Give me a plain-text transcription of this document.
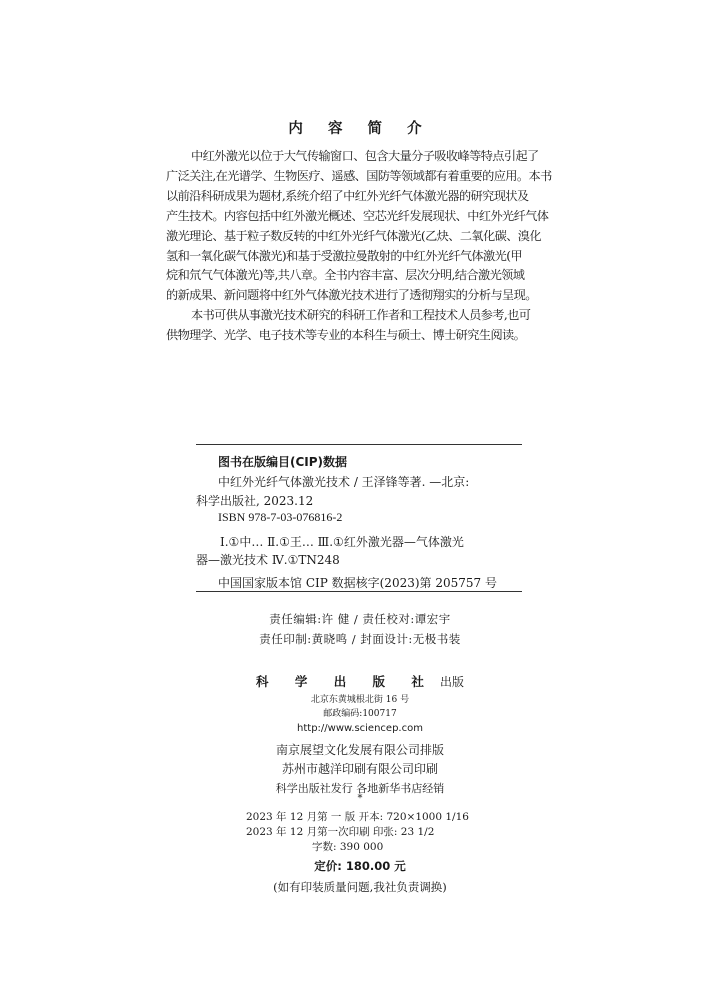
内 容 简 介
中红外激光以位于大气传输窗口、包含大量分子吸收峰等特点引起了
广泛关注,在光谱学、生物医疗、遥感、国防等领域都有着重要的应用。本书
以前沿科研成果为题材,系统介绍了中红外光纤气体激光器的研究现状及
产生技术。内容包括中红外激光概述、空芯光纤发展现状、中红外光纤气体
激光理论、基于粒子数反转的中红外光纤气体激光(乙炔、二氧化碳、溴化
氢和一氧化碳气体激光)和基于受激拉曼散射的中红外光纤气体激光(甲
烷和氘气气体激光)等,共八章。全书内容丰富、层次分明,结合激光领域
的新成果、新问题将中红外气体激光技术进行了透彻翔实的分析与呈现。
本书可供从事激光技术研究的科研工作者和工程技术人员参考,也可
供物理学、光学、电子技术等专业的本科生与硕士、博士研究生阅读。
图书在版编目(CIP)数据
中红外光纤气体激光技术 / 王泽锋等著. —北京:
科学出版社, 2023.12
ISBN 978-7-03-076816-2
Ⅰ.①中… Ⅱ.①王… Ⅲ.①红外激光器—气体激光
器—激光技术 Ⅳ.①TN248
中国国家版本馆 CIP 数据核字(2023)第 205757 号
责任编辑:许 健 / 责任校对:谭宏宇
责任印制:黄晓鸣 / 封面设计:无极书装
科 学 出 版 社 出版
北京东黄城根北街 16 号
邮政编码:100717
http://www.sciencep.com
南京展望文化发展有限公司排版
苏州市越洋印刷有限公司印刷
科学出版社发行 各地新华书店经销
*
2023 年 12 月第 一 版 开本: 720×1000 1/16
2023 年 12 月第一次印刷 印张: 23 1/2
字数: 390 000
定价: 180.00 元
(如有印装质量问题,我社负责调换)
